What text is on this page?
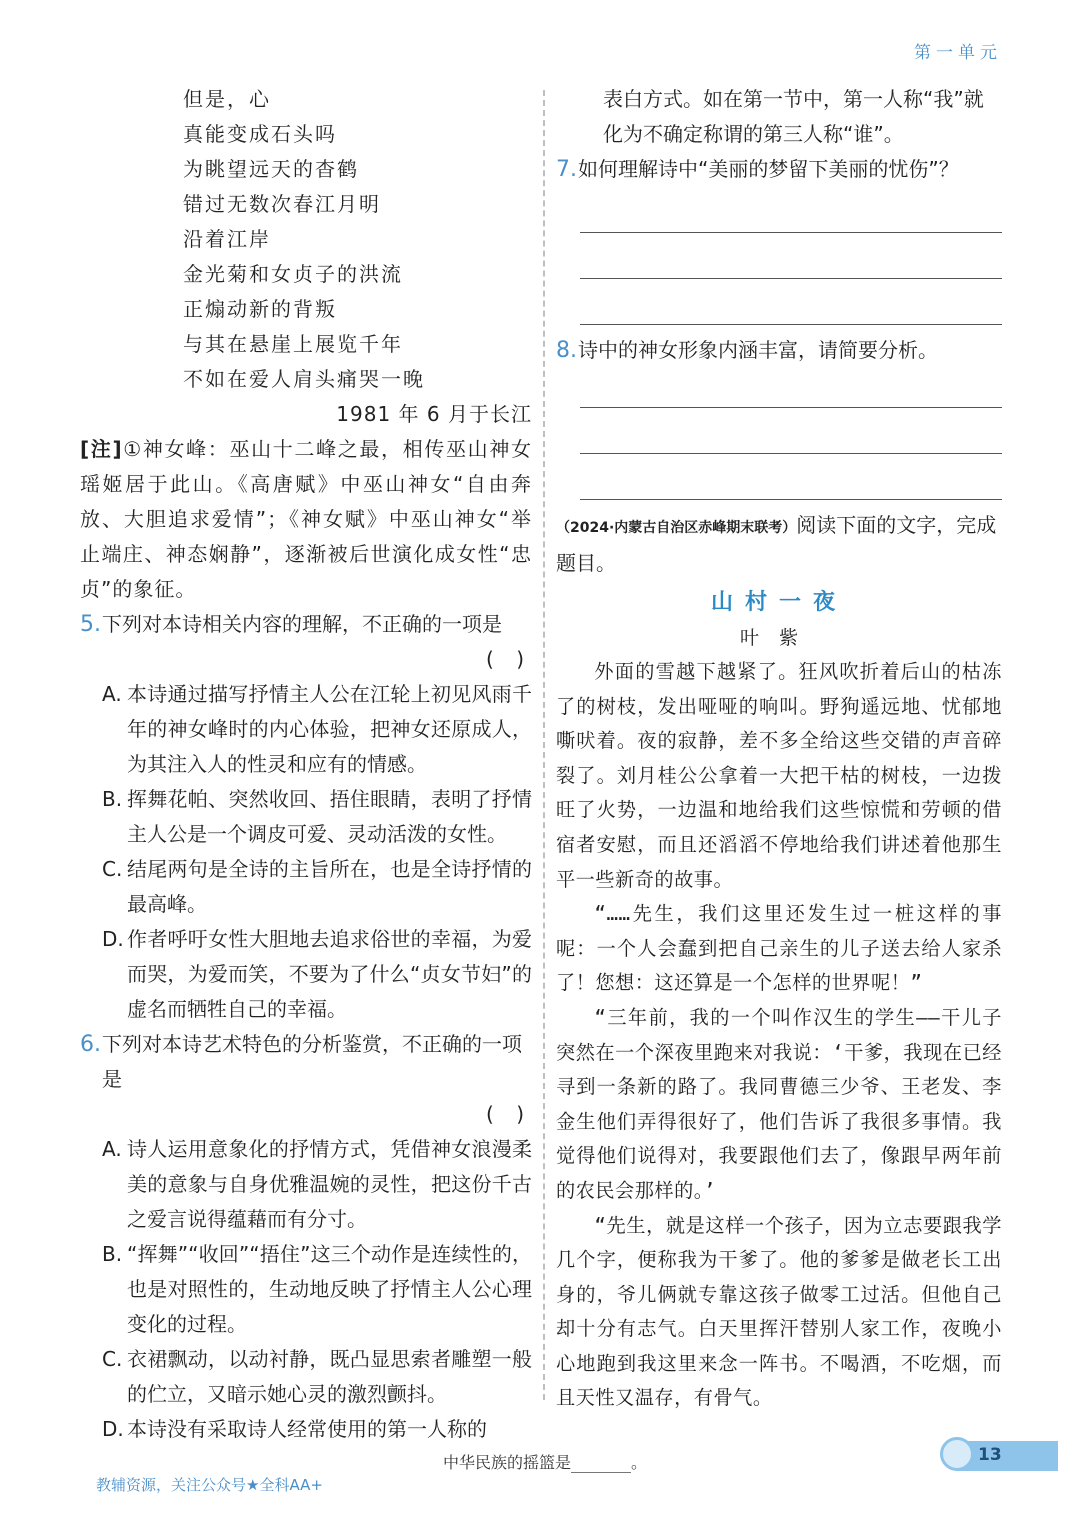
第一单元
但是，心
真能变成石头吗
为眺望远天的杳鹤
错过无数次春江月明
沿着江岸
金光菊和女贞子的洪流
正煽动新的背叛
与其在悬崖上展览千年
不如在爱人肩头痛哭一晚
1981 年 6 月于长江
[注]①神女峰：巫山十二峰之最，相传巫山神女瑶姬居于此山。《高唐赋》中巫山神女“自由奔放、大胆追求爱情”；《神女赋》中巫山神女“举止端庄、神态娴静”，逐渐被后世演化成女性“忠贞”的象征。
5. 下列对本诗相关内容的理解，不正确的一项是
( )
A. 本诗通过描写抒情主人公在江轮上初见风雨千年的神女峰时的内心体验，把神女还原成人，为其注入人的性灵和应有的情感。
B. 挥舞花帕、突然收回、捂住眼睛，表明了抒情主人公是一个调皮可爱、灵动活泼的女性。
C. 结尾两句是全诗的主旨所在，也是全诗抒情的最高峰。
D. 作者呼吁女性大胆地去追求俗世的幸福，为爱而哭，为爱而笑，不要为了什么“贞女节妇”的虚名而牺牲自己的幸福。
6. 下列对本诗艺术特色的分析鉴赏，不正确的一项是
( )
A. 诗人运用意象化的抒情方式，凭借神女浪漫柔美的意象与自身优雅温婉的灵性，把这份千古之爱言说得蕴藉而有分寸。
B. “挥舞”“收回”“捂住”这三个动作是连续性的，也是对照性的，生动地反映了抒情主人公心理变化的过程。
C. 衣裙飘动，以动衬静，既凸显思索者雕塑一般的伫立，又暗示她心灵的激烈颤抖。
D. 本诗没有采取诗人经常使用的第一人称的
表白方式。如在第一节中，第一人称“我”就化为不确定称谓的第三人称“谁”。
7. 如何理解诗中“美丽的梦留下美丽的忧伤”？
8. 诗中的神女形象内涵丰富，请简要分析。
（2024·内蒙古自治区赤峰期末联考）阅读下面的文字，完成题目。
山村一夜
叶紫

外面的雪越下越紧了。狂风吹折着后山的枯冻了的树枝，发出哑哑的响叫。野狗遥远地、忧郁地嘶吠着。夜的寂静，差不多全给这些交错的声音碎裂了。刘月桂公公拿着一大把干枯的树枝，一边拨旺了火势，一边温和地给我们这些惊慌和劳顿的借宿者安慰，而且还滔滔不停地给我们讲述着他那生平一些新奇的故事。

“……先生，我们这里还发生过一桩这样的事呢：一个人会蠢到把自己亲生的儿子送去给人家杀了！您想：这还算是一个怎样的世界呢！”

“三年前，我的一个叫作汉生的学生——干儿子突然在一个深夜里跑来对我说：‘干爹，我现在已经寻到一条新的路了。我同曹德三少爷、王老发、李金生他们弄得很好了，他们告诉了我很多事情。我觉得他们说得对，我要跟他们去了，像跟早两年前的农民会那样的。’

“先生，就是这样一个孩子，因为立志要跟我学几个字，便称我为干爹了。他的爹爹是做老长工出身的，爷儿俩就专靠这孩子做零工过活。但他自己却十分有志气。白天里挥汗替别人家工作，夜晚小心地跑到我这里来念一阵书。不喝酒，不吃烟，而且天性又温存，有骨气。

中华民族的摇篮是	。
教辅资源，关注公众号★全科AA+
13
